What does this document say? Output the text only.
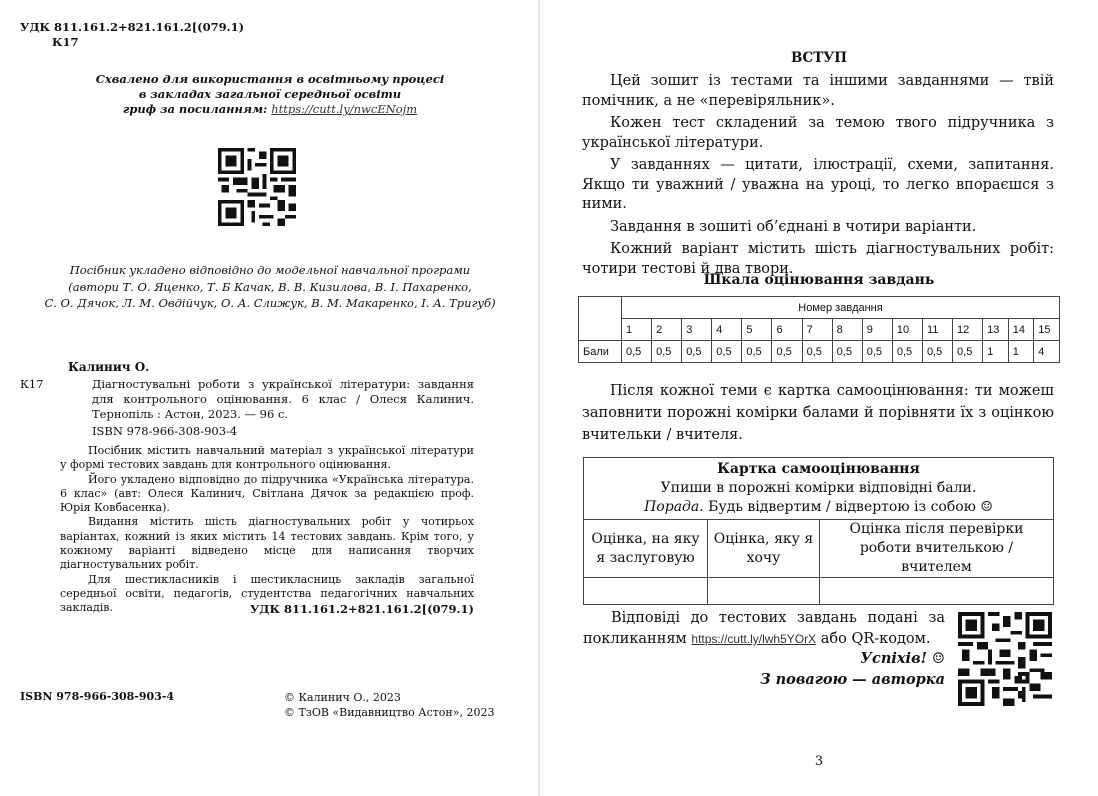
УДК 811.161.2+821.161.2[(079.1)
К17
Схвалено для використання в освітньому процесі
в закладах загальної середньої освіти
гриф за посиланням: https://cutt.ly/nwcENojm
Посібник укладено відповідно до модельної навчальної програми
(автори Т. О. Яценко, Т. Б Качак, В. В. Кизилова, В. І. Пахаренко,
С. О. Дячок, Л. М. Овдійчук, О. А. Слижук, В. М. Макаренко, І. А. Тригуб)
Калинич О.
К17	Діагностувальні роботи з української літератури: завдання для контрольного оцінювання. 6 клас / Олеся Калинич. Тернопіль : Астон, 2023. — 96 с.
ISBN 978-966-308-903-4

Посібник містить навчальний матеріал з української літератури у формі тестових завдань для контрольного оцінювання.

Його укладено відповідно до підручника «Українська література. 6 клас» (авт: Олеся Калинич, Світлана Дячок за редакцією проф. Юрія Ковбасенка).

Видання містить шість діагностувальних робіт у чотирьох варіантах, кожний із яких містить 14 тестових завдань. Крім того, у кожному варіанті відведено місце для написання творчих діагностувальних робіт.

Для шестикласників і шестикласниць закладів загальної середньої освіти, педагогів, студентства педагогічних навчальних закладів.	УДК 811.161.2+821.161.2[(079.1)
ISBN 978-966-308-903-4	© Калинич О., 2023
© ТзОВ «Видавництво Астон», 2023
ВСТУП

Цей зошит із тестами та іншими завданнями — твій помічник, а не «перевіряльник».

Кожен тест складений за темою твого підручника з української літератури.

У завданнях — цитати, ілюстрації, схеми, запитання. Якщо ти уважний / уважна на уроці, то легко впораєшся з ними.

Завдання в зошиті об’єднані в чотири варіанти.

Кожний варіант містить шість діагностувальних робіт: чотири тестові й два твори.

Шкала оцінювання завдань
	Номер завдання														
	1	2	3	4	5	6	7	8	9	10	11	12	13	14	15
Бали	0,5	0,5	0,5	0,5	0,5	0,5	0,5	0,5	0,5	0,5	0,5	0,5	1	1	4
Після кожної теми є картка самооцінювання: ти можеш заповнити порожні комірки балами й порівняти їх з оцінкою вчительки / вчителя.
Картка самооцінювання
Упиши в порожні комірки відповідні бали.
Порада. Будь відвертим / відвертою із собою ☺		

Оцінка, на яку я заслуговую	Оцінка, яку я хочу	Оцінка після перевірки роботи вчителькою / вчителем

Відповіді до тестових завдань подані за покликанням https://cutt.ly/lwh5YOrX або QR-кодом.

Успіхів! ☺
З повагою — авторка
3
